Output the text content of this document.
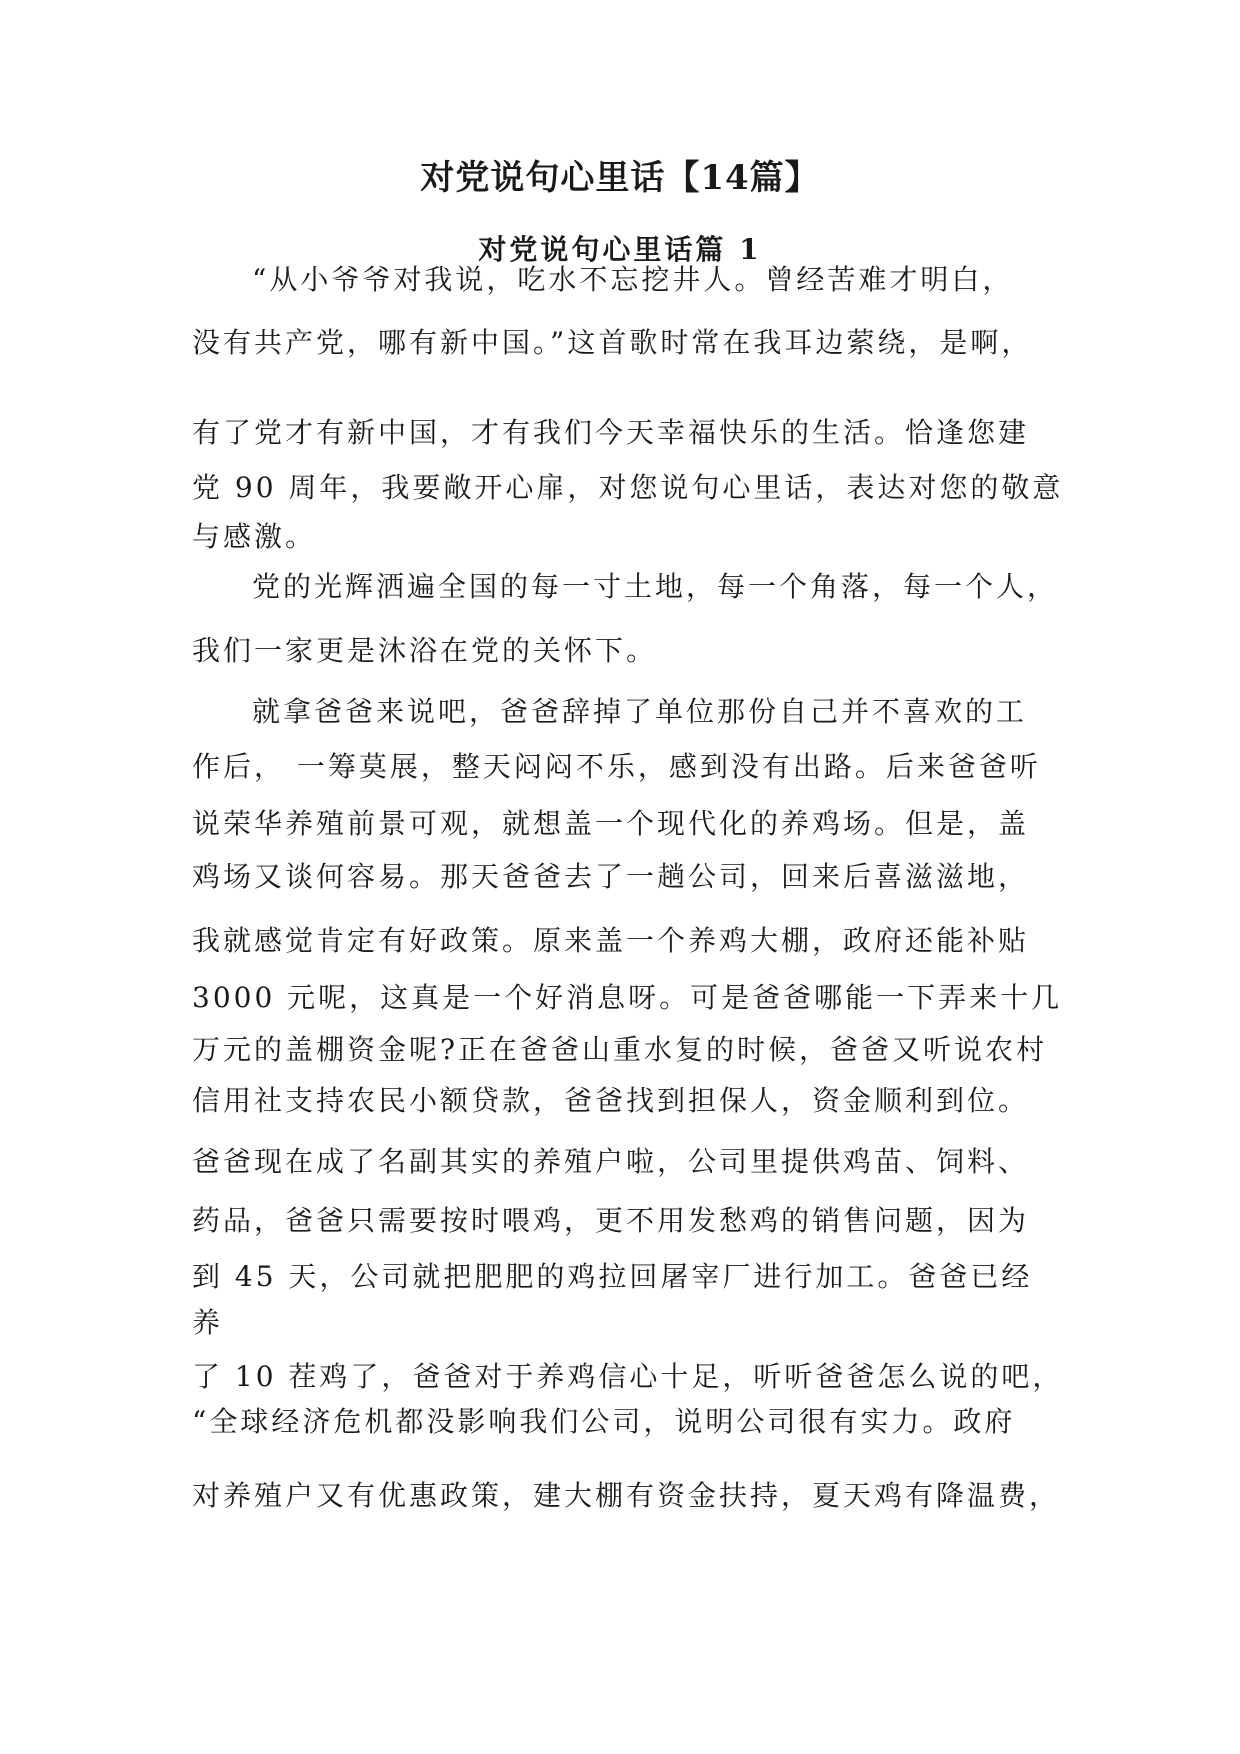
对党说句心里话【14篇】
对党说句心里话篇 1

“从小爷爷对我说，吃水不忘挖井人。曾经苦难才明白，

没有共产党，哪有新中国。”这首歌时常在我耳边萦绕，是啊，

有了党才有新中国，才有我们今天幸福快乐的生活。恰逢您建

党 90 周年，我要敞开心扉，对您说句心里话，表达对您的敬意

与感激。

党的光辉洒遍全国的每一寸土地，每一个角落，每一个人，

我们一家更是沐浴在党的关怀下。

就拿爸爸来说吧，爸爸辞掉了单位那份自己并不喜欢的工

作后， 一筹莫展，整天闷闷不乐，感到没有出路。后来爸爸听

说荣华养殖前景可观，就想盖一个现代化的养鸡场。但是，盖

鸡场又谈何容易。那天爸爸去了一趟公司，回来后喜滋滋地，

我就感觉肯定有好政策。原来盖一个养鸡大棚，政府还能补贴

3000 元呢，这真是一个好消息呀。可是爸爸哪能一下弄来十几

万元的盖棚资金呢?正在爸爸山重水复的时候，爸爸又听说农村

信用社支持农民小额贷款，爸爸找到担保人，资金顺利到位。

爸爸现在成了名副其实的养殖户啦，公司里提供鸡苗、饲料、

药品，爸爸只需要按时喂鸡，更不用发愁鸡的销售问题，因为

到 45 天，公司就把肥肥的鸡拉回屠宰厂进行加工。爸爸已经

养

了 10 茬鸡了，爸爸对于养鸡信心十足，听听爸爸怎么说的吧，

“全球经济危机都没影响我们公司，说明公司很有实力。政府

对养殖户又有优惠政策，建大棚有资金扶持，夏天鸡有降温费，
